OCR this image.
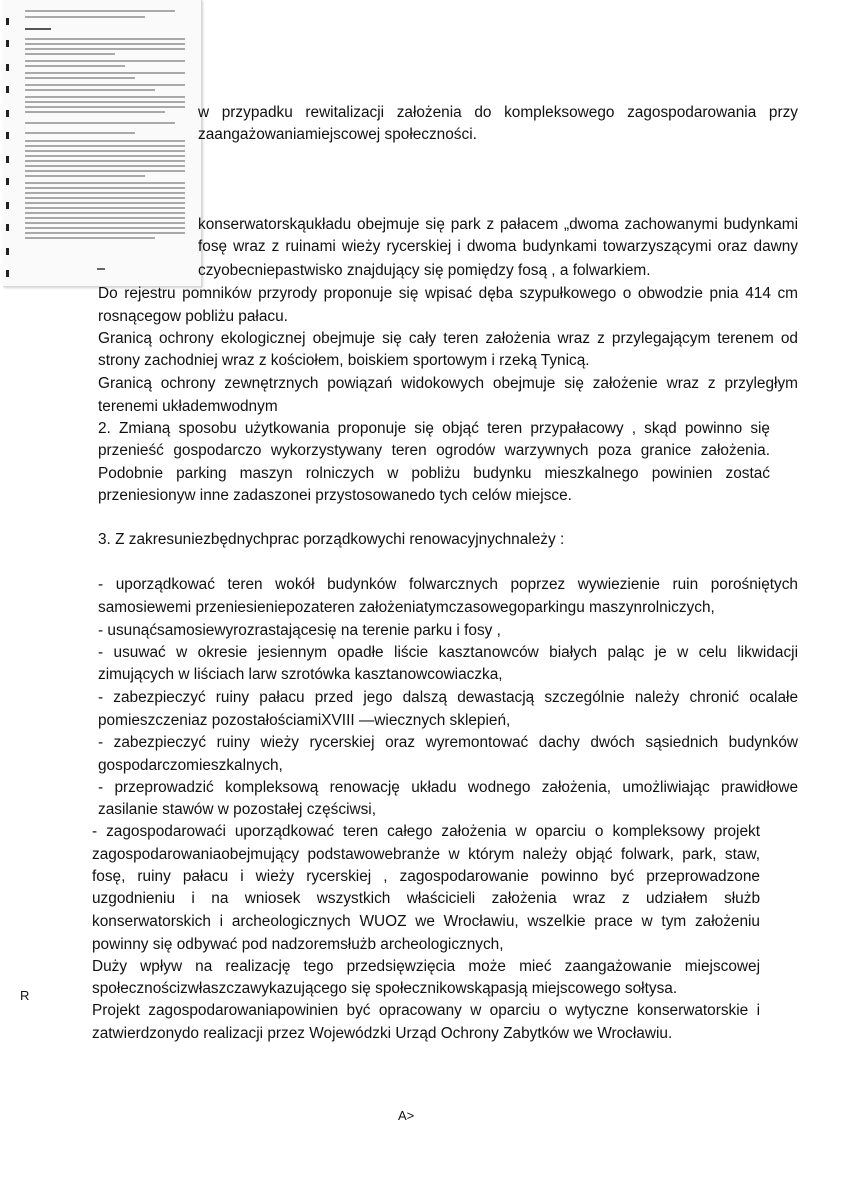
w przypadku rewitalizacji założenia do kompleksowego zagospodarowania przy
zaangażowaniamiejscowej społeczności.
konserwatorskąukładu obejmuje się park z pałacem „dwoma zachowanymi budynkami
fosę wraz z ruinami wieży rycerskiej i dwoma budynkami towarzyszącymi oraz dawny
czyobecniepastwisko znajdujący się pomiędzy fosą , a folwarkiem.
Do rejestru pomników przyrody proponuje się wpisać dęba szypułkowego o obwodzie pnia 414 cm
rosnącegow pobliżu pałacu.
Granicą ochrony ekologicznej obejmuje się cały teren założenia wraz z przylegającym terenem od
strony zachodniej wraz z kościołem, boiskiem sportowym i rzeką Tynicą.
Granicą ochrony zewnętrznych powiązań widokowych obejmuje się założenie wraz z przyległym
terenemi układemwodnym
2. Zmianą sposobu użytkowania proponuje się objąć teren przypałacowy , skąd powinno się
przenieść gospodarczo wykorzystywany teren ogrodów warzywnych poza granice założenia.
Podobnie parking maszyn rolniczych w pobliżu budynku mieszkalnego powinien zostać
przeniesionyw inne zadaszonei przystosowanedo tych celów miejsce.
3. Z zakresuniezbędnychprac porządkowychi renowacyjnychnależy :
- uporządkować teren wokół budynków folwarcznych poprzez wywiezienie ruin porośniętych
samosiewemi przeniesieniepozateren założeniatymczasowegoparkingu maszynrolniczych,
- usunąćsamosiewyrozrastającesię na terenie parku i fosy ,
- usuwać w okresie jesiennym opadłe liście kasztanowców białych paląc je w celu likwidacji
zimujących w liściach larw szrotówka kasztanowcowiaczka,
- zabezpieczyć ruiny pałacu przed jego dalszą dewastacją szczególnie należy chronić ocalałe
pomieszczeniaz pozostałościamiXVIII —wiecznych sklepień,
- zabezpieczyć ruiny wieży rycerskiej oraz wyremontować dachy dwóch sąsiednich budynków
gospodarczomieszkalnych,
- przeprowadzić kompleksową renowację układu wodnego założenia, umożliwiając prawidłowe
zasilanie stawów w pozostałej częściwsi,
- zagospodarowaći uporządkować teren całego założenia w oparciu o kompleksowy projekt
zagospodarowaniaobejmujący podstawowebranże w którym należy objąć folwark, park, staw,
fosę, ruiny pałacu i wieży rycerskiej , zagospodarowanie powinno być przeprowadzone
uzgodnieniu i na wniosek wszystkich właścicieli założenia wraz z udziałem służb
konserwatorskich i archeologicznych WUOZ we Wrocławiu, wszelkie prace w tym założeniu
powinny się odbywać pod nadzoremsłużb archeologicznych,
Duży wpływ na realizację tego przedsięwzięcia może mieć zaangażowanie miejscowej
społecznościzwłaszczawykazującego się społecznikowskąpasją miejscowego sołtysa.
Projekt zagospodarowaniapowinien być opracowany w oparciu o wytyczne konserwatorskie i
zatwierdzonydo realizacji przez Wojewódzki Urząd Ochrony Zabytków we Wrocławiu.
R
A>
